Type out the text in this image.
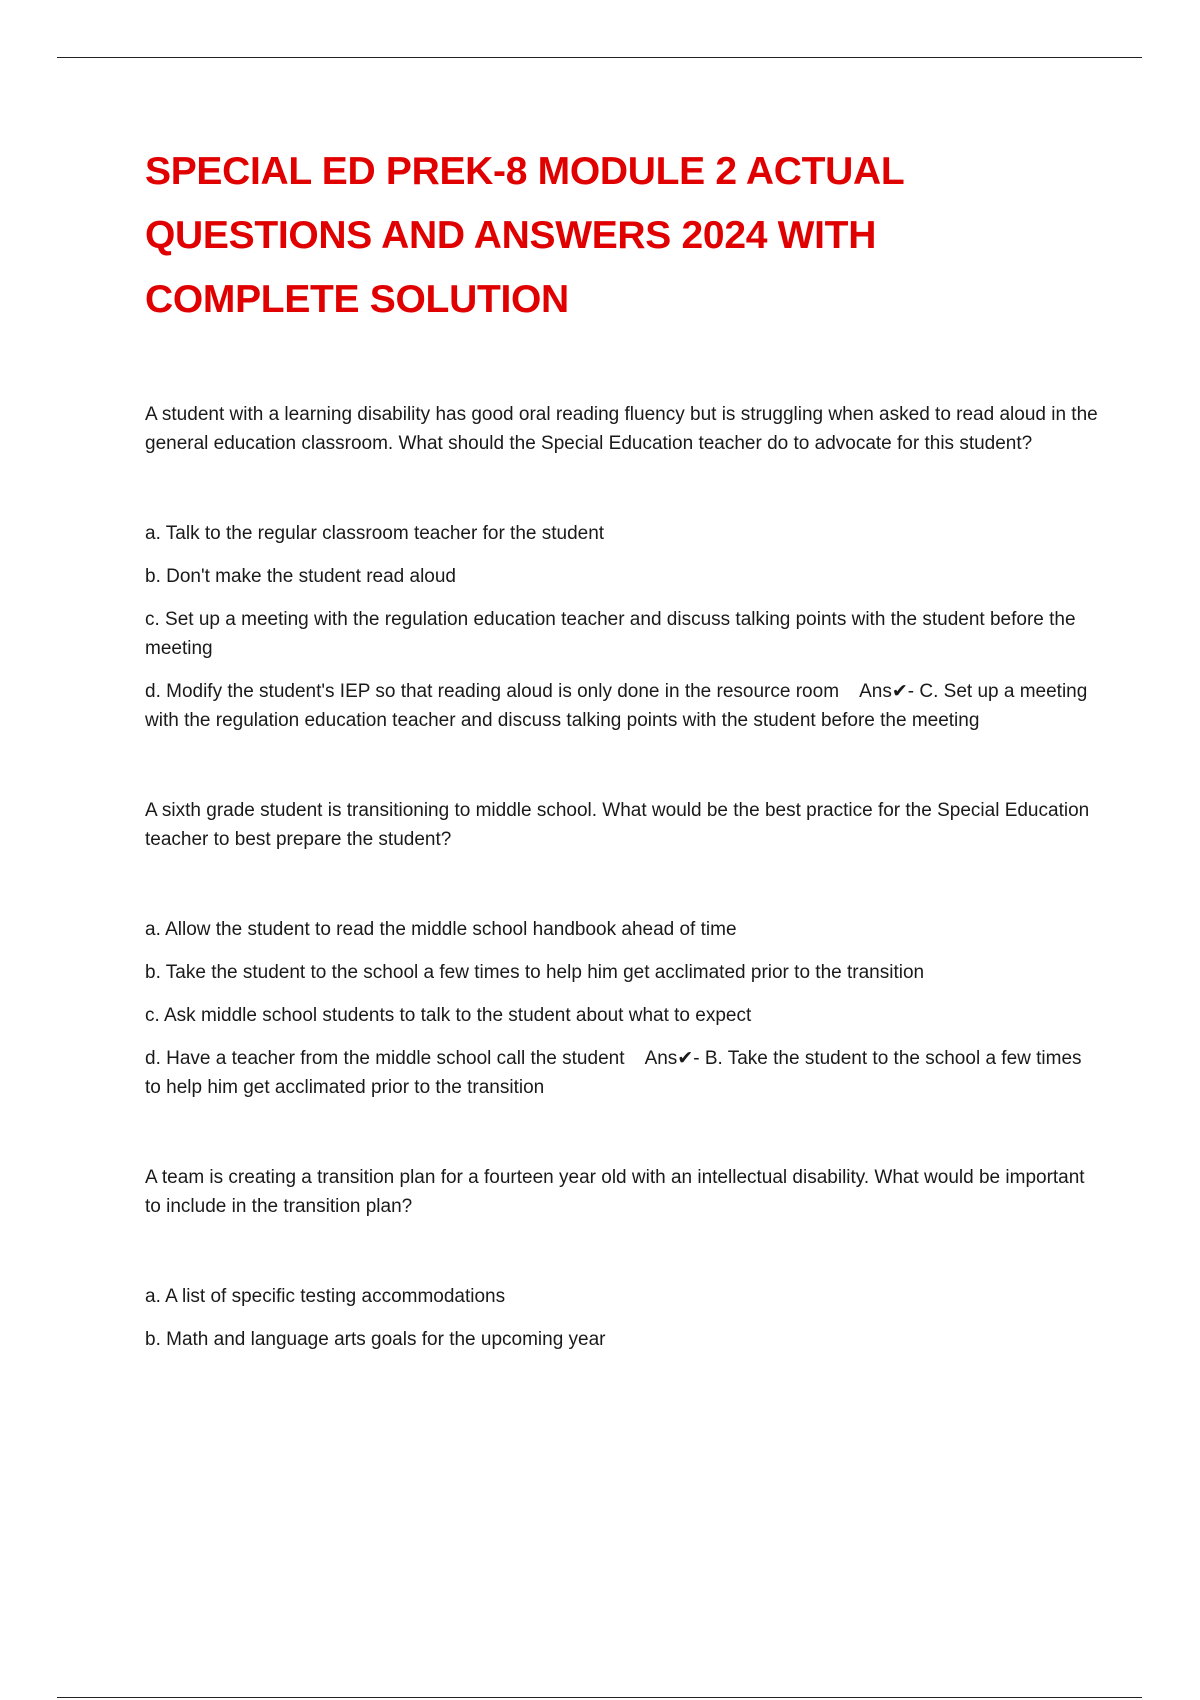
SPECIAL ED PREK-8 MODULE 2 ACTUAL QUESTIONS AND ANSWERS 2024 WITH COMPLETE SOLUTION

A student with a learning disability has good oral reading fluency but is struggling when asked to read aloud in the general education classroom. What should the Special Education teacher do to advocate for this student?

a. Talk to the regular classroom teacher for the student

b. Don't make the student read aloud

c. Set up a meeting with the regulation education teacher and discuss talking points with the student before the meeting

d. Modify the student's IEP so that reading aloud is only done in the resource room Ans✔- C. Set up a meeting with the regulation education teacher and discuss talking points with the student before the meeting

A sixth grade student is transitioning to middle school. What would be the best practice for the Special Education teacher to best prepare the student?

a. Allow the student to read the middle school handbook ahead of time

b. Take the student to the school a few times to help him get acclimated prior to the transition

c. Ask middle school students to talk to the student about what to expect

d. Have a teacher from the middle school call the student Ans✔- B. Take the student to the school a few times to help him get acclimated prior to the transition

A team is creating a transition plan for a fourteen year old with an intellectual disability. What would be important to include in the transition plan?

a. A list of specific testing accommodations

b. Math and language arts goals for the upcoming year
